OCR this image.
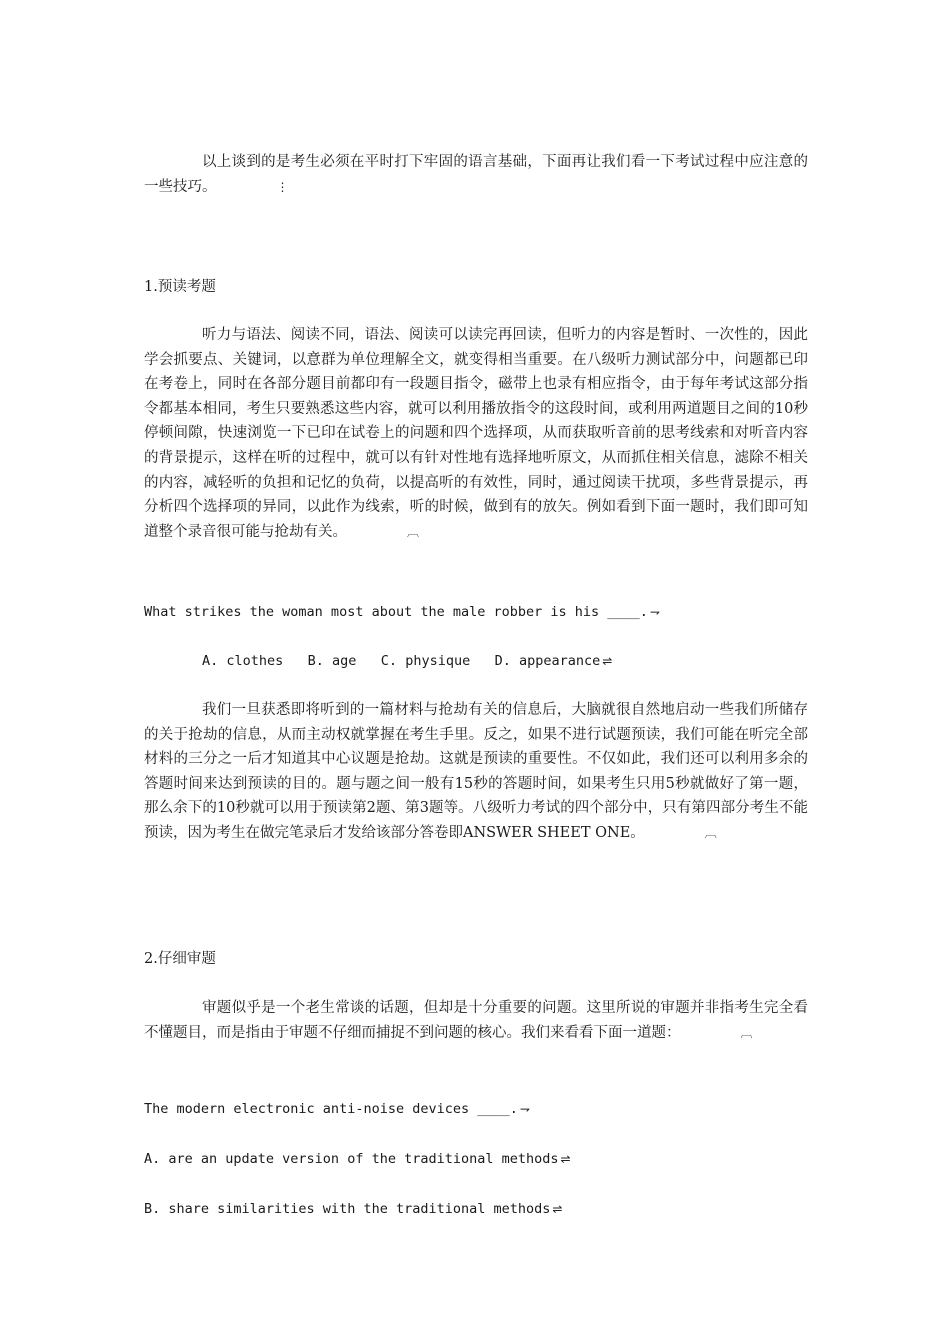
以上谈到的是考生必须在平时打下牢固的语言基础，下面再让我们看一下考试过程中应注意的一些技巧。	⋮

1.预读考题

听力与语法、阅读不同，语法、阅读可以读完再回读，但听力的内容是暂时、一次性的，因此学会抓要点、关键词，以意群为单位理解全文，就变得相当重要。在八级听力测试部分中，问题都已印在考卷上，同时在各部分题目前都印有一段题目指令，磁带上也录有相应指令，由于每年考试这部分指令都基本相同，考生只要熟悉这些内容，就可以利用播放指令的这段时间，或利用两道题目之间的10秒停顿间隙，快速浏览一下已印在试卷上的问题和四个选择项，从而获取听音前的思考线索和对听音内容的背景提示，这样在听的过程中，就可以有针对性地有选择地听原文，从而抓住相关信息，滤除不相关的内容，减轻听的负担和记忆的负荷，以提高听的有效性，同时，通过阅读干扰项，多些背景提示，再分析四个选择项的异同，以此作为线索，听的时候，做到有的放矢。例如看到下面一题时，我们即可知道整个录音很可能与抢劫有关。	︹

What strikes the woman most about the male robber is his ____. ⇁

A. clothes   B. age   C. physique   D. appearance ⇌

我们一旦获悉即将听到的一篇材料与抢劫有关的信息后，大脑就很自然地启动一些我们所储存的关于抢劫的信息，从而主动权就掌握在考生手里。反之，如果不进行试题预读，我们可能在听完全部材料的三分之一后才知道其中心议题是抢劫。这就是预读的重要性。不仅如此，我们还可以利用多余的答题时间来达到预读的目的。题与题之间一般有15秒的答题时间，如果考生只用5秒就做好了第一题，那么余下的10秒就可以用于预读第2题、第3题等。八级听力考试的四个部分中，只有第四部分考生不能预读，因为考生在做完笔录后才发给该部分答卷即ANSWER SHEET ONE。	︹

2.仔细审题

审题似乎是一个老生常谈的话题，但却是十分重要的问题。这里所说的审题并非指考生完全看不懂题目，而是指由于审题不仔细而捕捉不到问题的核心。我们来看看下面一道题：	︹

The modern electronic anti-noise devices ____. ⇁

A. are an update version of the traditional methods ⇌

B. share similarities with the traditional methods ⇌
